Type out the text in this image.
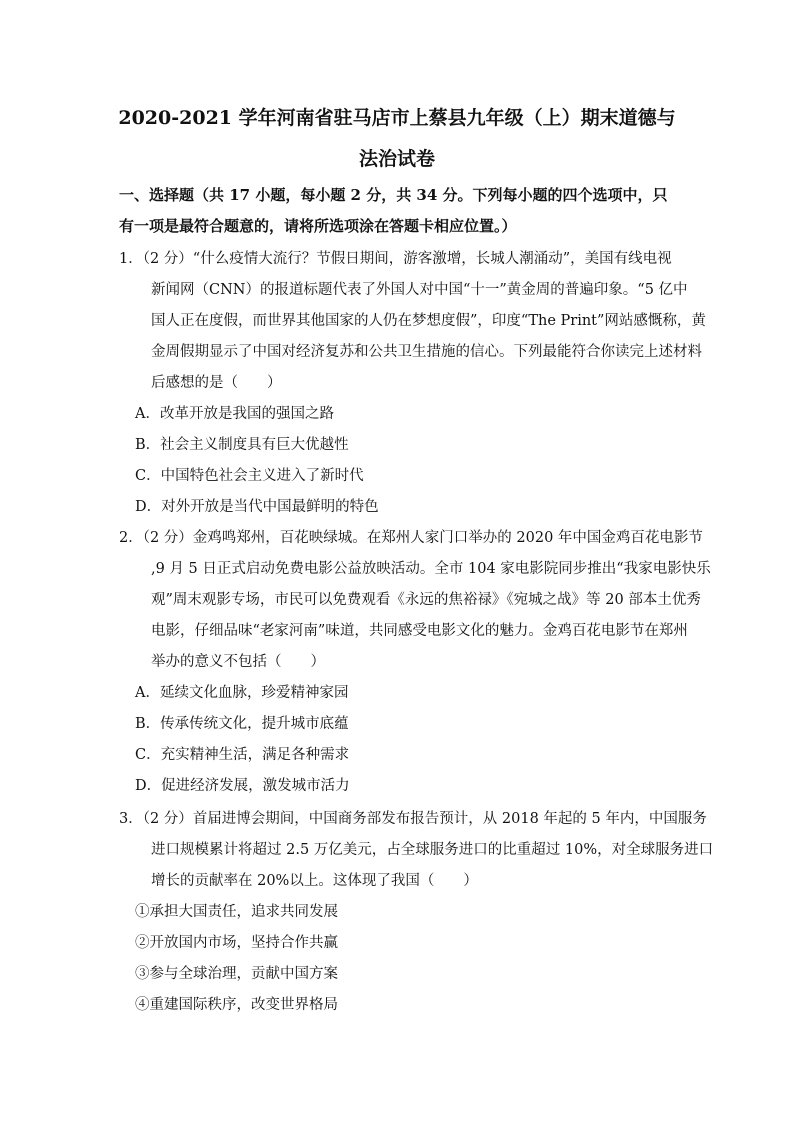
2020-2021 学年河南省驻马店市上蔡县九年级（上）期末道德与
法治试卷
一、选择题（共 17 小题，每小题 2 分，共 34 分。下列每小题的四个选项中，只有一项是最符合题意的，请将所选项涂在答题卡相应位置。）
1．（2 分）“什么疫情大流行？节假日期间，游客激增，长城人潮涌动”，美国有线电视
新闻网（CNN）的报道标题代表了外国人对中国“十一”黄金周的普遍印象。“5 亿中
国人正在度假，而世界其他国家的人仍在梦想度假”，印度“The Print”网站感慨称，黄
金周假期显示了中国对经济复苏和公共卫生措施的信心。下列最能符合你读完上述材料
后感想的是（　　）
A．改革开放是我国的强国之路
B．社会主义制度具有巨大优越性
C．中国特色社会主义进入了新时代
D．对外开放是当代中国最鲜明的特色
2．（2 分）金鸡鸣郑州，百花映绿城。在郑州人家门口举办的 2020 年中国金鸡百花电影节
,9 月 5 日正式启动免费电影公益放映活动。全市 104 家电影院同步推出“我家电影快乐
观”周末观影专场，市民可以免费观看《永远的焦裕禄》《宛城之战》等 20 部本土优秀
电影，仔细品味“老家河南”味道，共同感受电影文化的魅力。金鸡百花电影节在郑州
举办的意义不包括（　　）
A．延续文化血脉，珍爱精神家园
B．传承传统文化，提升城市底蕴
C．充实精神生活，满足各种需求
D．促进经济发展，激发城市活力
3．（2 分）首届进博会期间，中国商务部发布报告预计，从 2018 年起的 5 年内，中国服务
进口规模累计将超过 2.5 万亿美元，占全球服务进口的比重超过 10%，对全球服务进口
增长的贡献率在 20%以上。这体现了我国（　　）
①承担大国责任，追求共同发展
②开放国内市场，坚持合作共赢
③参与全球治理，贡献中国方案
④重建国际秩序，改变世界格局
